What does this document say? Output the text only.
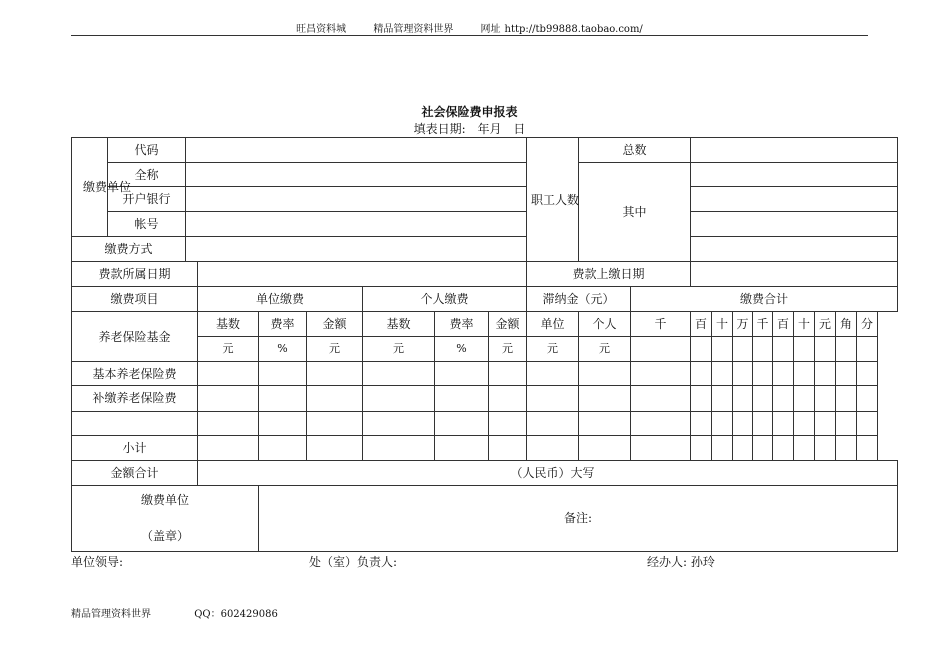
旺昌资料城	精品管理资料世界	网址 http://tb99888.taobao.com/
社会保险费申报表
填表日期: 年月 日
缴费单位	代码								职工人数	总数										
	全称									其中										
	开户银行																			
	帐号																			
缴费方式																				
费款所属日期									费款上缴日期											
缴费项目			单位缴费			个人缴费			滞纳金（元）		缴费合计									
养老保险基金			基数	费率	金额	基数	费率	金额	单位	个人	千	百	十	万	千	百	十	元	角	分
			元	%	元	元	%	元	元	元										
基本养老保险费																				
补缴养老保险费																				

小计																				
金额合计			（人民币）大写																	

缴费单位
（盖章）				备注:																
单位领导:	处（室）负责人:	经办人: 孙玲
精品管理资料世界	QQ：602429086
